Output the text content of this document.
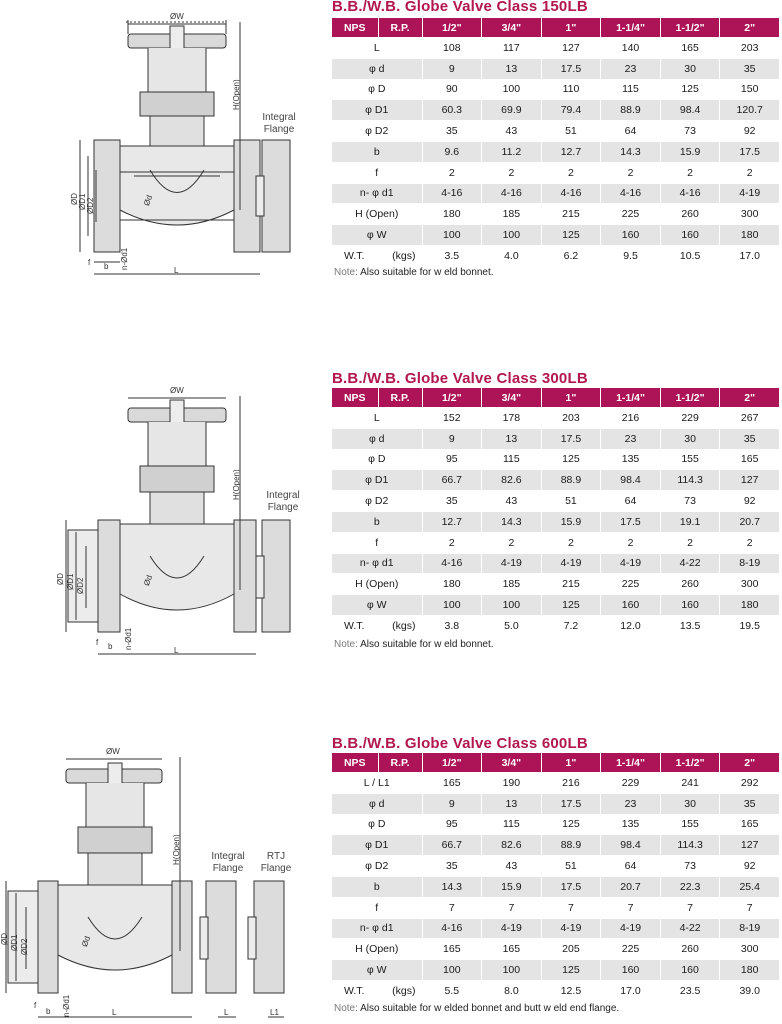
ØW
H(Open)
ØD ØD1 ØD2	Ød
n-Ød1
f b	L
Integral
Flange
B.B./W.B. Globe Valve Class 150LB
NPS	R.P.	1/2"	3/4"	1"	1-1/4"	1-1/2"	2"
L		108	117	127	140	165	203
φ d		9	13	17.5	23	30	35
φ D		90	100	110	115	125	150
φ D1		60.3	69.9	79.4	88.9	98.4	120.7
φ D2		35	43	51	64	73	92
b		9.6	11.2	12.7	14.3	15.9	17.5
f		2	2	2	2	2	2
n- φ d1		4-16	4-16	4-16	4-16	4-16	4-19
H (Open)		180	185	215	225	260	300
φ W		100	100	125	160	160	180

W.T. (kgs)		3.5	4.0	6.2	9.5	10.5	17.0
Note: Also suitable for w eld bonnet.
ØW
H(Open)
ØD ØD1 ØD2	Ød
n-Ød1
f b	L
Integral
Flange
B.B./W.B. Globe Valve Class 300LB
NPS	R.P.	1/2"	3/4"	1"	1-1/4"	1-1/2"	2"
L		152	178	203	216	229	267
φ d		9	13	17.5	23	30	35
φ D		95	115	125	135	155	165
φ D1		66.7	82.6	88.9	98.4	114.3	127
φ D2		35	43	51	64	73	92
b		12.7	14.3	15.9	17.5	19.1	20.7
f		2	2	2	2	2	2
n- φ d1		4-16	4-19	4-19	4-19	4-22	8-19
H (Open)		180	185	215	225	260	300
φ W		100	100	125	160	160	180

W.T. (kgs)		3.8	5.0	7.2	12.0	13.5	19.5
Note: Also suitable for w eld bonnet.
ØW
H(Open)
ØD ØD1 ØD2	Ød
n-Ød1
f
b	L	L	L1
Integral
Flange
RTJ
Flange
B.B./W.B. Globe Valve Class 600LB
NPS	R.P.	1/2"	3/4"	1"	1-1/4"	1-1/2"	2"
L / L1		165	190	216	229	241	292
φ d		9	13	17.5	23	30	35
φ D		95	115	125	135	155	165
φ D1		66.7	82.6	88.9	98.4	114.3	127
φ D2		35	43	51	64	73	92
b		14.3	15.9	17.5	20.7	22.3	25.4
f		7	7	7	7	7	7
n- φ d1		4-16	4-19	4-19	4-19	4-22	8-19
H (Open)		165	165	205	225	260	300
φ W		100	100	125	160	160	180

W.T. (kgs)		5.5	8.0	12.5	17.0	23.5	39.0
Note: Also suitable for w elded bonnet and butt w eld end flange.
